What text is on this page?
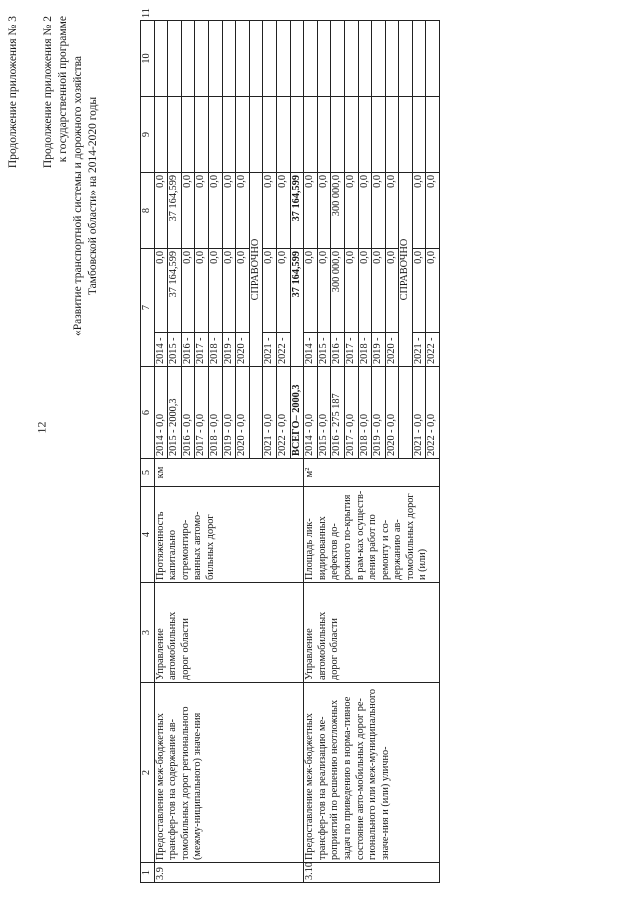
12
Продолжение приложения № 3 Продолжение приложения № 2 к государственной программе «Развитие транспортной системы и дорожного хозяйства Тамбовской области» на 2014-2020 годы
1	2	3	4	5	6	7		8	9	10	11
3.9	Предоставление меж-бюджетных трансфер-тов на содержание ав-томобильных дорог регионального (межму-ниципального) значе-ния	Управление автомобильных дорог области	Протяженность капитально отремонтиро-ванных автомо-бильных дорог	км	2014 - 0,0	2014 -	0,0	0,0			
					2015 - 2000,3	2015 -	37 164,599	37 164,599			
					2016 - 0,0	2016 -	0,0	0,0			
					2017 - 0,0	2017 -	0,0	0,0			
					2018 - 0,0	2018 -	0,0	0,0			
					2019 - 0,0	2019 -	0,0	0,0			
					2020 - 0,0	2020 -	0,0	0,0			
						СПРАВОЧНО					
					2021 - 0,0	2021 -	0,0	0,0			
					2022 - 0,0	2022 -	0,0	0,0			
					ВСЕГО– 2000,3	37 164,599		37 164,599			
3.10	Предоставление меж-бюджетных трансфер-тов на реализацию ме-роприятий по решению неотложных задач по приведению в норма-тивное состояние авто-мобильных дорог ре-гионального или меж-муниципального значе-ния и (или) улично-	Управление автомобильных дорог области	Площадь лик-видированных дефектов до-рожного по-крытия в рам-ках осуществ-ления работ по ремонту и со-держанию ав-томобильных дорог и (или)	м²	2014 - 0,0	2014 -	0,0	0,0			
					2015 - 0,0	2015 -	0,0	0,0			
					2016 - 275 187	2016 -	300 000,0	300 000,0			
					2017 - 0,0	2017 -	0,0	0,0			
					2018 - 0,0	2018 -	0,0	0,0			
					2019 - 0,0	2019 -	0,0	0,0			
					2020 - 0,0	2020 -	0,0	0,0			
						СПРАВОЧНО					
					2021 - 0,0	2021 -	0,0	0,0			
					2022 - 0,0	2022 -	0,0	0,0			
